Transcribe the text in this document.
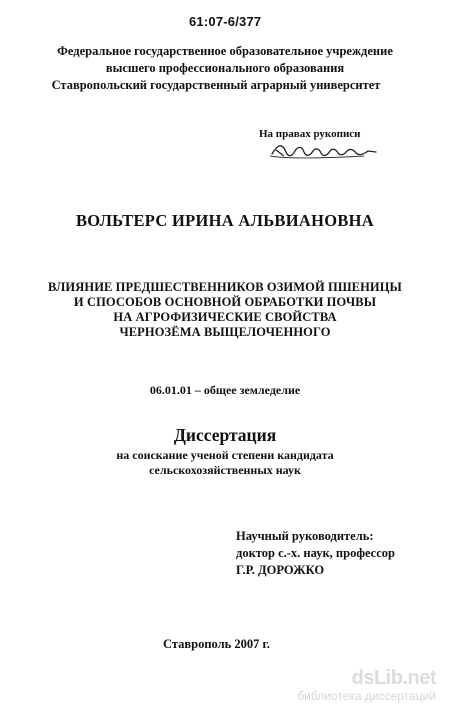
61:07-6/377
Федеральное государственное образовательное учреждение
высшего профессионального образования
Ставропольский государственный аграрный университет
На правах рукописи
ВОЛЬТЕРС ИРИНА АЛЬВИАНОВНА
ВЛИЯНИЕ ПРЕДШЕСТВЕННИКОВ ОЗИМОЙ ПШЕНИЦЫ
И СПОСОБОВ ОСНОВНОЙ ОБРАБОТКИ ПОЧВЫ
НА АГРОФИЗИЧЕСКИЕ СВОЙСТВА
ЧЕРНОЗЁМА ВЫЩЕЛОЧЕННОГО
06.01.01 – общее земледелие
Диссертация
на соискание ученой степени кандидата
сельскохозяйственных наук
Научный руководитель:
доктор с.-х. наук, профессор
Г.Р. ДОРОЖКО
Ставрополь 2007 г.
dsLib.net
библиотека диссертаций
